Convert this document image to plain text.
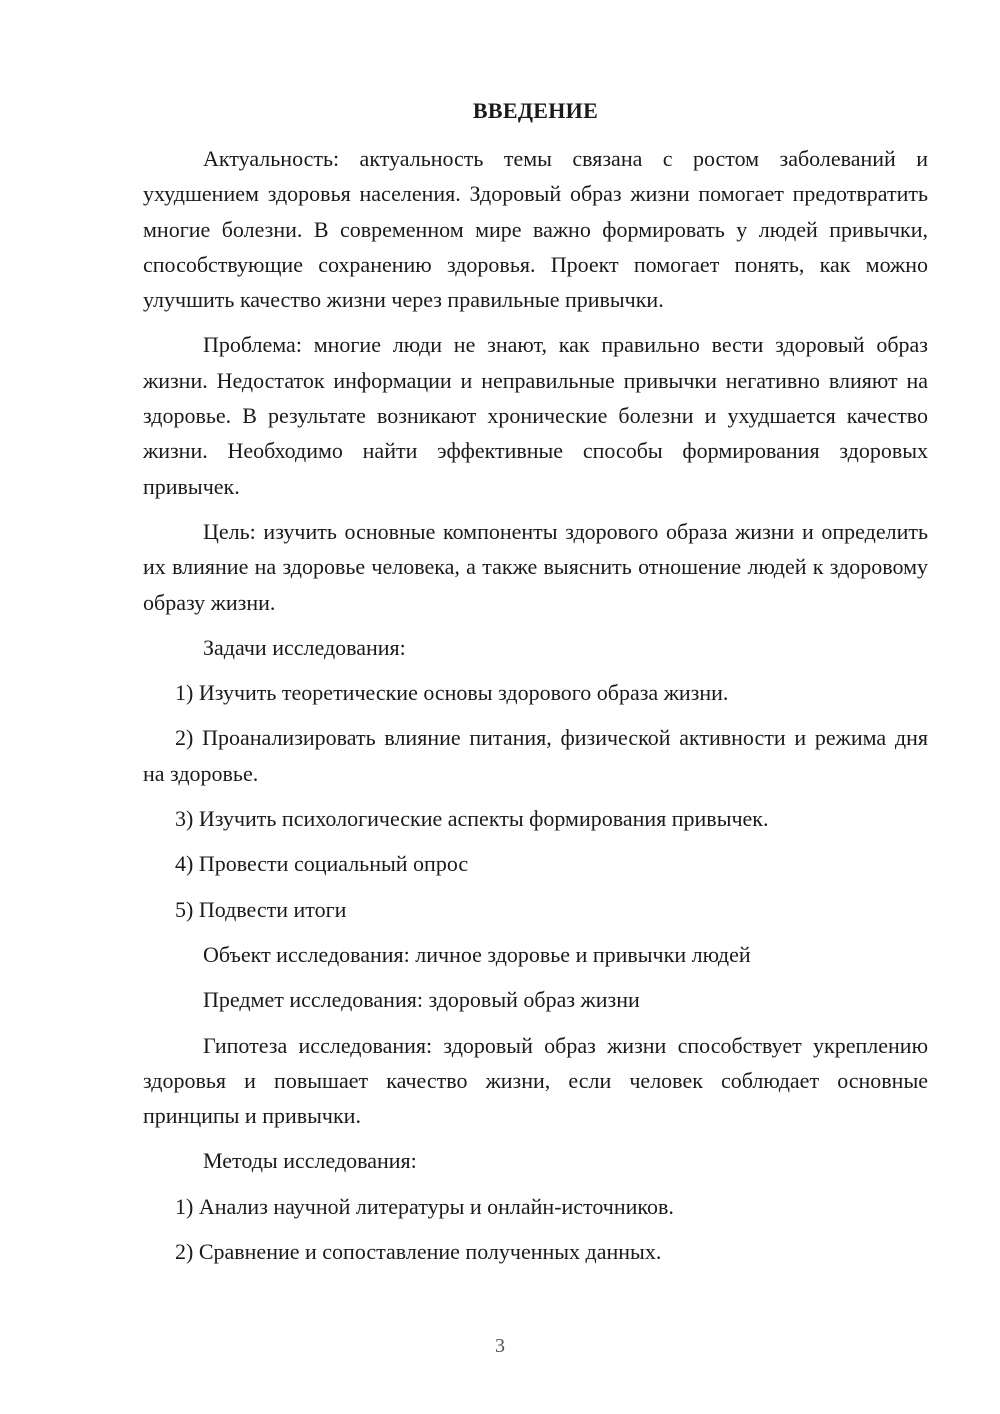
ВВЕДЕНИЕ

Актуальность: актуальность темы связана с ростом заболеваний и ухудшением здоровья населения. Здоровый образ жизни помогает предотвратить многие болезни. В современном мире важно формировать у людей привычки, способствующие сохранению здоровья. Проект помогает понять, как можно улучшить качество жизни через правильные привычки.

Проблема: многие люди не знают, как правильно вести здоровый образ жизни. Недостаток информации и неправильные привычки негативно влияют на здоровье. В результате возникают хронические болезни и ухудшается качество жизни. Необходимо найти эффективные способы формирования здоровых привычек.

Цель: изучить основные компоненты здорового образа жизни и определить их влияние на здоровье человека, а также выяснить отношение людей к здоровому образу жизни.

Задачи исследования:

1) Изучить теоретические основы здорового образа жизни.

2) Проанализировать влияние питания, физической активности и режима дня на здоровье.

3) Изучить психологические аспекты формирования привычек.

4) Провести социальный опрос

5) Подвести итоги

Объект исследования: личное здоровье и привычки людей

Предмет исследования: здоровый образ жизни

Гипотеза исследования: здоровый образ жизни способствует укреплению здоровья и повышает качество жизни, если человек соблюдает основные принципы и привычки.

Методы исследования:

1) Анализ научной литературы и онлайн-источников.

2) Сравнение и сопоставление полученных данных.

3
